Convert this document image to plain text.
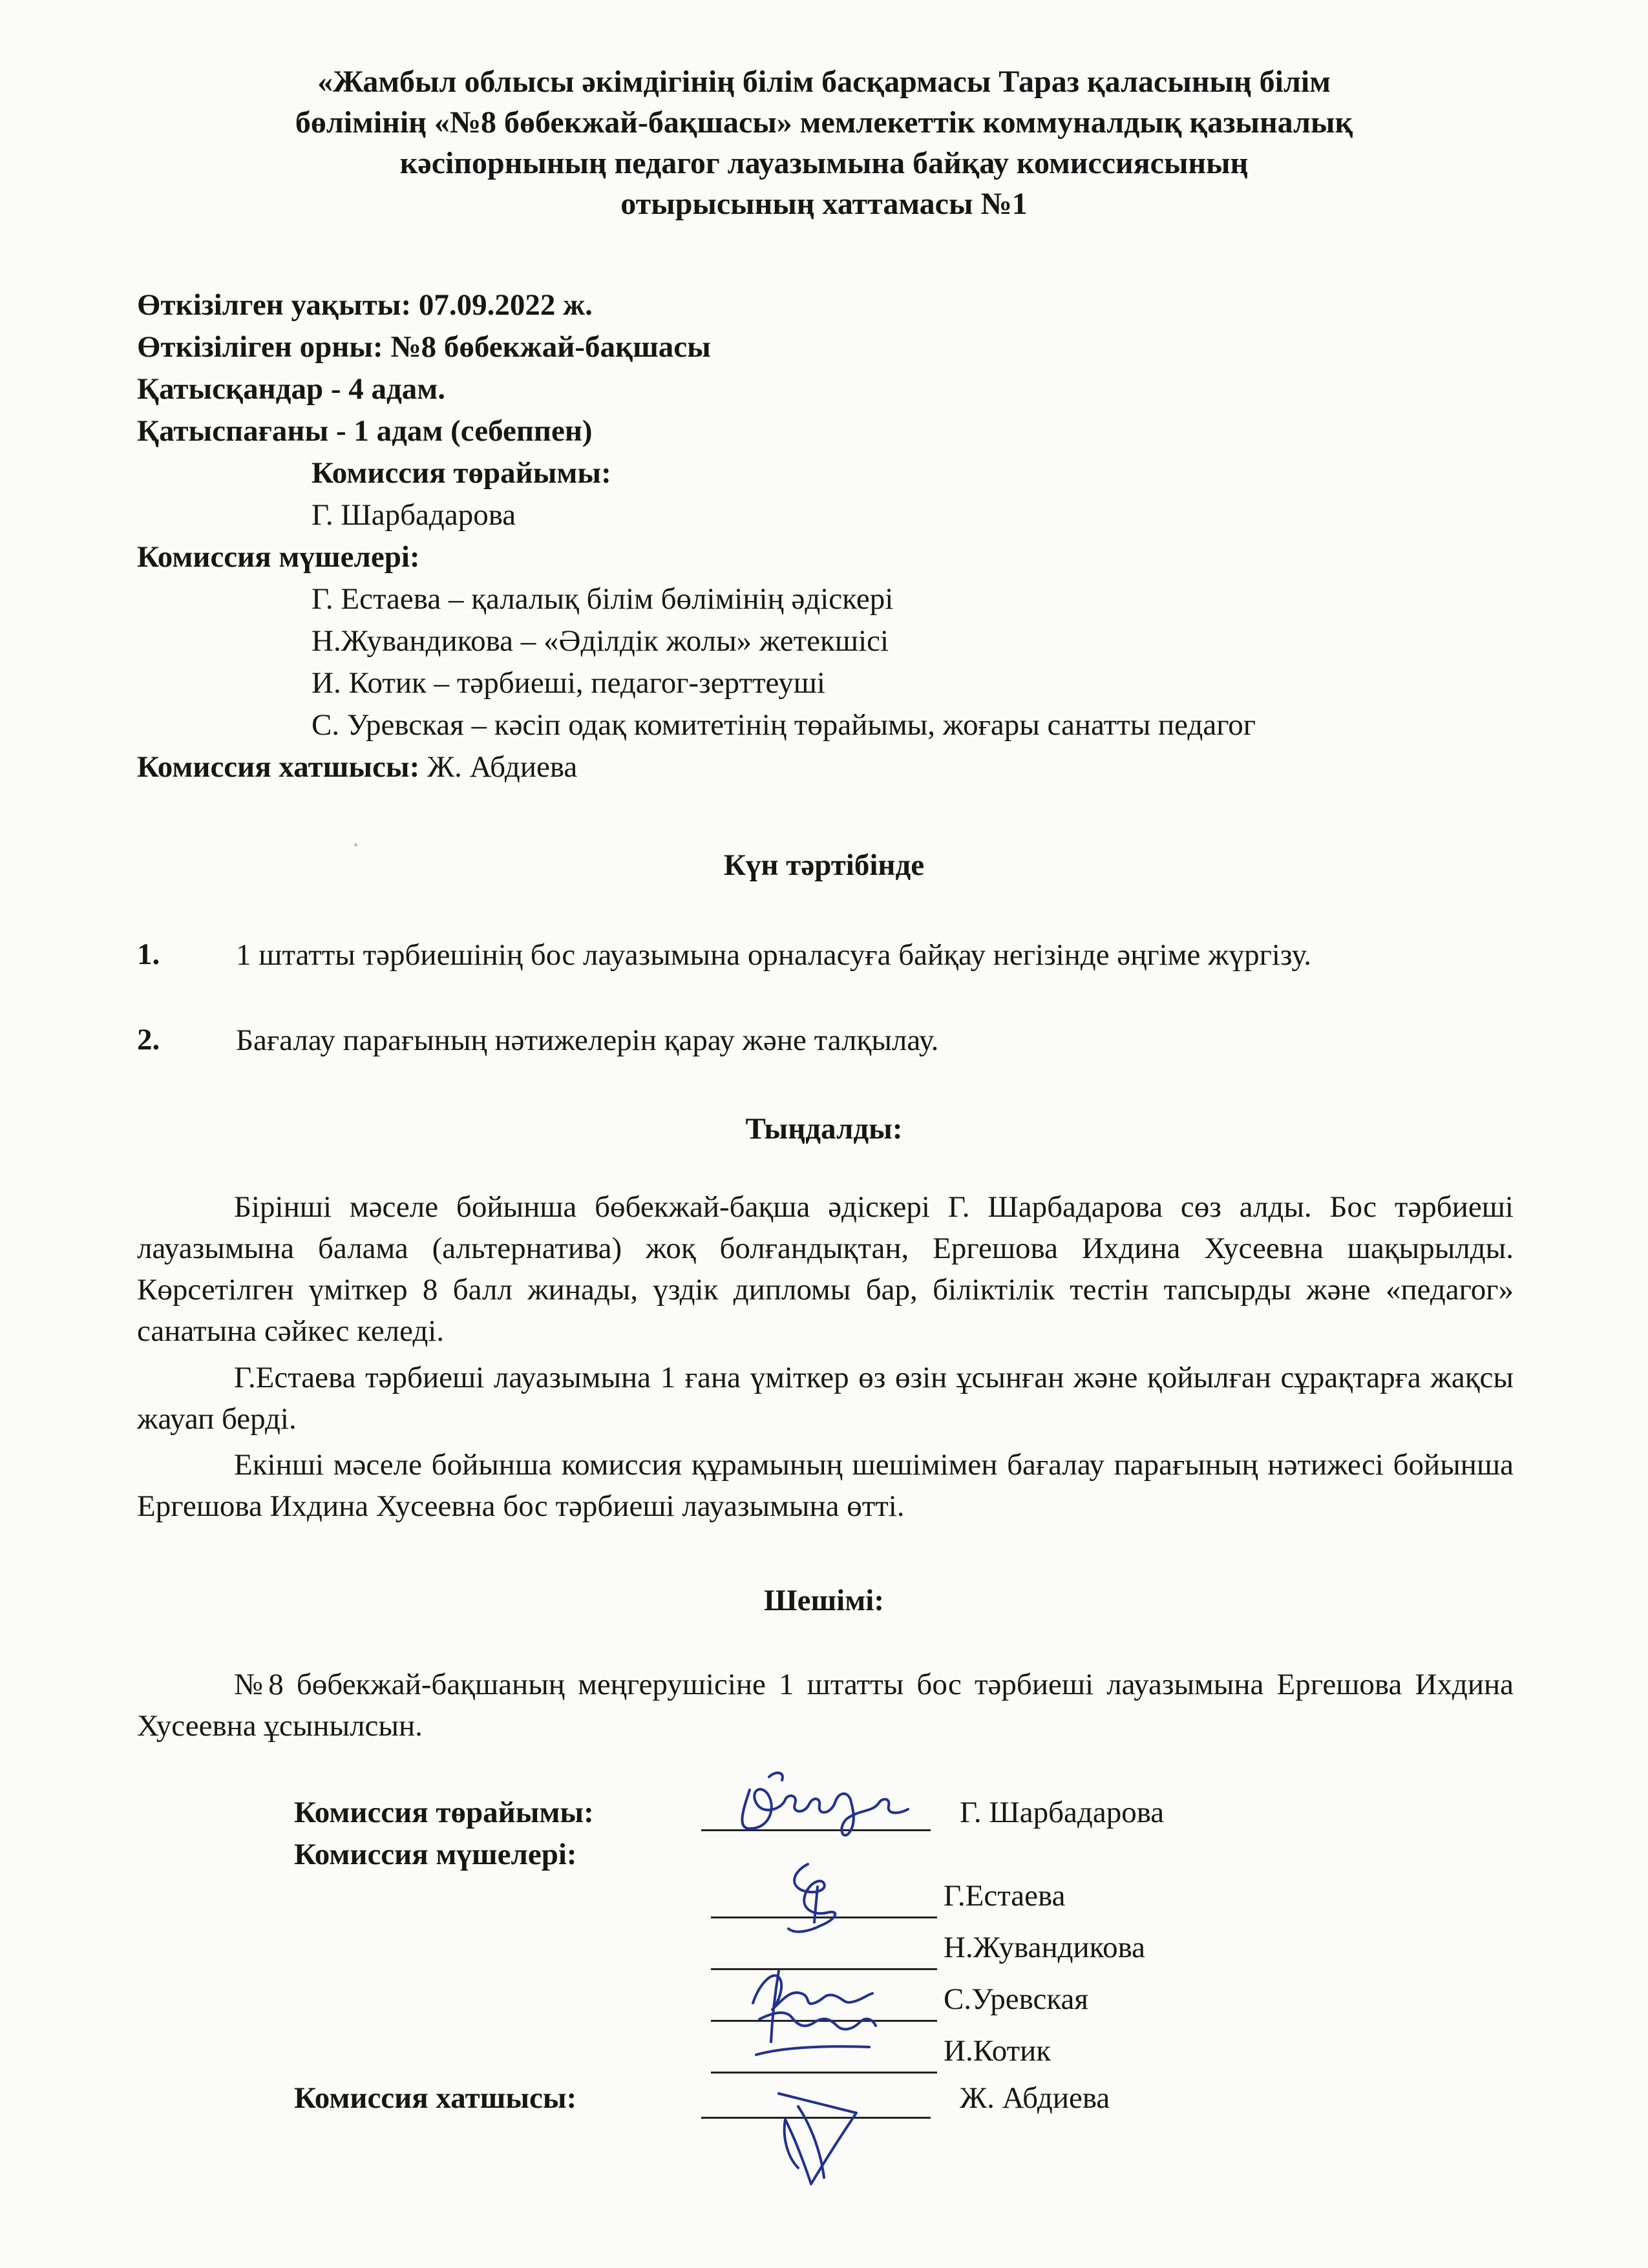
«Жамбыл облысы әкімдігінің білім басқармасы Тараз қаласының білім
бөлімінің «№8 бөбекжай-бақшасы» мемлекеттік коммуналдық қазыналық
кәсіпорнының педагог лауазымына байқау комиссиясының
отырысының хаттамасы №1
Өткізілген уақыты: 07.09.2022 ж.
Өткізіліген орны: №8 бөбекжай-бақшасы
Қатысқандар - 4 адам.
Қатыспағаны - 1 адам (себеппен)
Комиссия төрайымы:
Г. Шарбадарова
Комиссия мүшелері:
Г. Естаева – қалалық білім бөлімінің әдіскері
Н.Жувандикова – «Әділдік жолы» жетекшісі
И. Котик – тәрбиеші, педагог-зерттеуші
С. Уревская – кәсіп одақ комитетінің төрайымы, жоғары санатты педагог
Комиссия хатшысы: Ж. Абдиева
Күн тәртібінде
1.	1 штатты тәрбиешінің бос лауазымына орналасуға байқау негізінде әңгіме жүргізу.
2.	Бағалау парағының нәтижелерін қарау және талқылау.
Тыңдалды:
Бірінші мәселе бойынша бөбекжай-бақша әдіскері Г. Шарбадарова сөз алды. Бос тәрбиеші лауазымына балама (альтернатива) жоқ болғандықтан, Ергешова Ихдина Хусеевна шақырылды. Көрсетілген үміткер 8 балл жинады, үздік дипломы бар, біліктілік тестін тапсырды және «педагог» санатына сәйкес келеді.
Г.Естаева тәрбиеші лауазымына 1 ғана үміткер өз өзін ұсынған және қойылған сұрақтарға жақсы жауап берді.
Екінші мәселе бойынша комиссия құрамының шешімімен бағалау парағының нәтижесі бойынша Ергешова Ихдина Хусеевна бос тәрбиеші лауазымына өтті.
Шешімі:
№8 бөбекжай-бақшаның меңгерушісіне 1 штатты бос тәрбиеші лауазымына Ергешова Ихдина Хусеевна ұсынылсын.
Комиссия төрайымы:	Г. Шарбадарова
Комиссия мүшелері:
Г.Естаева
Н.Жувандикова
С.Уревская
И.Котик
Комиссия хатшысы:	Ж. Абдиева
